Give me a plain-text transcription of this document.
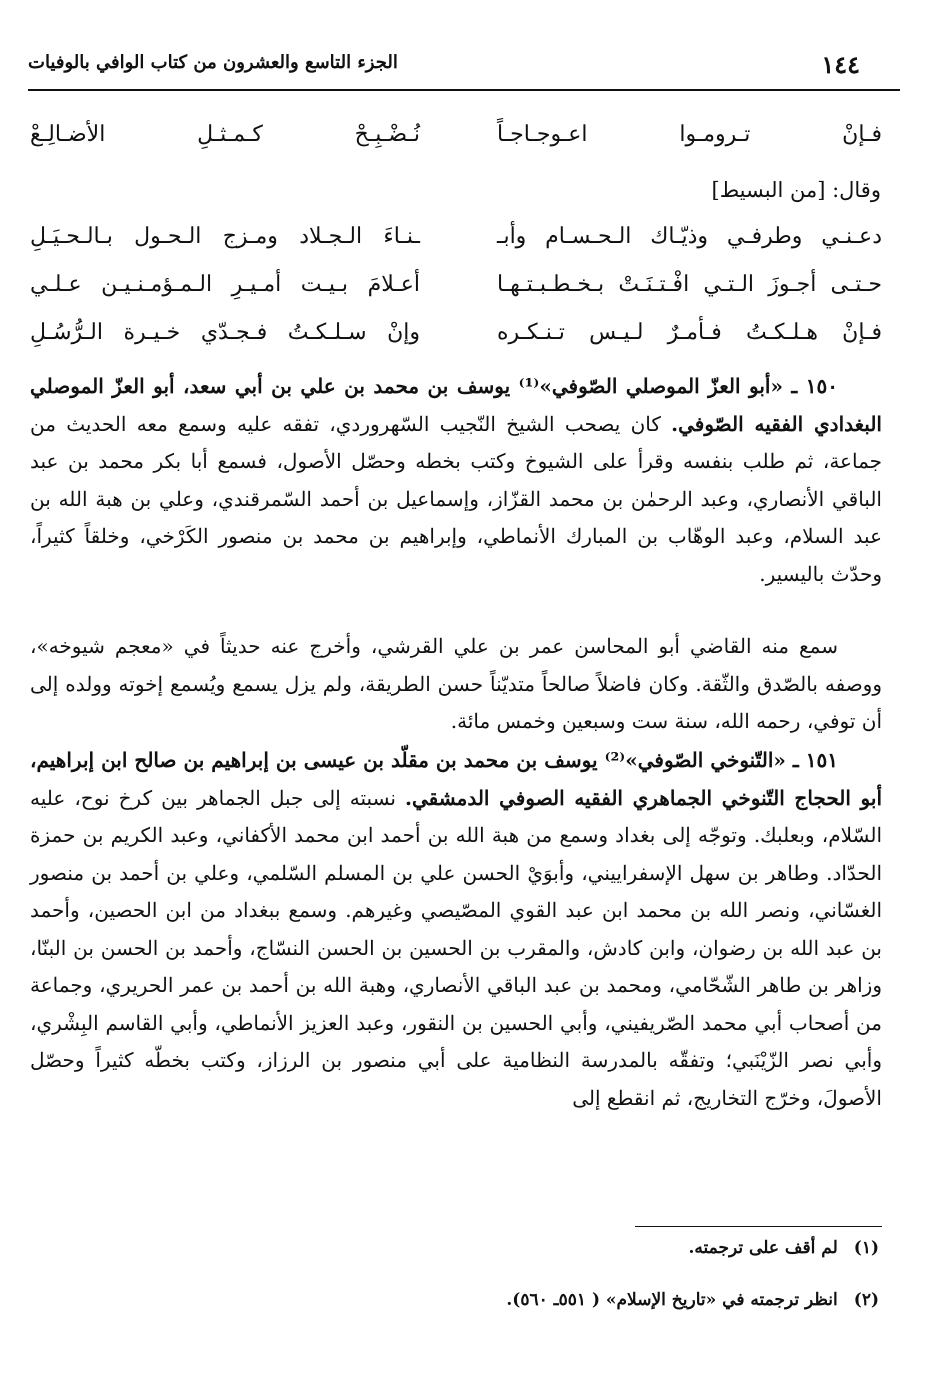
١٤٤
الجزء التاسع والعشرون من كتاب الوافي بالوفيات
فـإنْ تـرومـوا اعـوجـاجـاً
نُـضْـبِـحْ كـمـثـلِ الأضـالِـعْ
وقال: [من البسيط]
دعـنـي وطرفـي وذيّـاك الـحـسـام وأبـ
ـنـاءَ الـجـلاد ومـزج الـحـول بـالـحـيَـلِ
حـتـى أجـوزَ الـتـي افْـتـنَـتْ بـخـطـبـتـهـا
أعـلامَ بـيـت أمـيـرِ الـمـؤمـنـيـن عـلـي
فـإنْ هـلـكـتُ فـأمـرٌ لـيـس تـنـكـره
وإنْ سـلـكـتُ فـجـدّي خـيـرة الـرُّسُـلِ

١٥٠ ـ «أبو العزّ الموصلي الصّوفي»⁽¹⁾ يوسف بن محمد بن علي بن أبي سعد، أبو العزّ الموصلي البغدادي الفقيه الصّوفي. كان يصحب الشيخ النّجيب السّهروردي، تفقه عليه وسمع معه الحديث من جماعة، ثم طلب بنفسه وقرأ على الشيوخ وكتب بخطه وحصّل الأصول، فسمع أبا بكر محمد بن عبد الباقي الأنصاري، وعبد الرحمٰن بن محمد القزّاز، وإسماعيل بن أحمد السّمرقندي، وعلي بن هبة الله بن عبد السلام، وعبد الوهّاب بن المبارك الأنماطي، وإبراهيم بن محمد بن منصور الكَرْخي، وخلقاً كثيراً، وحدّث باليسير.

سمع منه القاضي أبو المحاسن عمر بن علي القرشي، وأخرج عنه حديثاً في «معجم شيوخه»، ووصفه بالصّدق والثّقة. وكان فاضلاً صالحاً متديّناً حسن الطريقة، ولم يزل يسمع ويُسمع إخوته وولده إلى أن توفي، رحمه الله، سنة ست وسبعين وخمس مائة.

١٥١ ـ «التّنوخي الصّوفي»⁽²⁾ يوسف بن محمد بن مقلّد بن عيسى بن إبراهيم بن صالح ابن إبراهيم، أبو الحجاج التّنوخي الجماهري الفقيه الصوفي الدمشقي. نسبته إلى جبل الجماهر بين كرخ نوح، عليه السّلام، وبعلبك. وتوجّه إلى بغداد وسمع من هبة الله بن أحمد ابن محمد الأكفاني، وعبد الكريم بن حمزة الحدّاد. وطاهر بن سهل الإسفراييني، وأبوَيْ الحسن علي بن المسلم السّلمي، وعلي بن أحمد بن منصور الغسّاني، ونصر الله بن محمد ابن عبد القوي المصّيصي وغيرهم. وسمع ببغداد من ابن الحصين، وأحمد بن عبد الله بن رضوان، وابن كادش، والمقرب بن الحسين بن الحسن النسّاج، وأحمد بن الحسن بن البنّا، وزاهر بن طاهر الشّحّامي، ومحمد بن عبد الباقي الأنصاري، وهبة الله بن أحمد بن عمر الحريري، وجماعة من أصحاب أبي محمد الصّريفيني، وأبي الحسين بن النقور، وعبد العزيز الأنماطي، وأبي القاسم البِشْري، وأبي نصر الزّيْنَبي؛ وتفقّه بالمدرسة النظامية على أبي منصور بن الرزاز، وكتب بخطّه كثيراً وحصّل الأصولَ، وخرّج التخاريج، ثم انقطع إلى

(١)لم أقف على ترجمته.
(٢)انظر ترجمته في «تاريخ الإسلام» ( ٥٥١ـ ٥٦٠).
